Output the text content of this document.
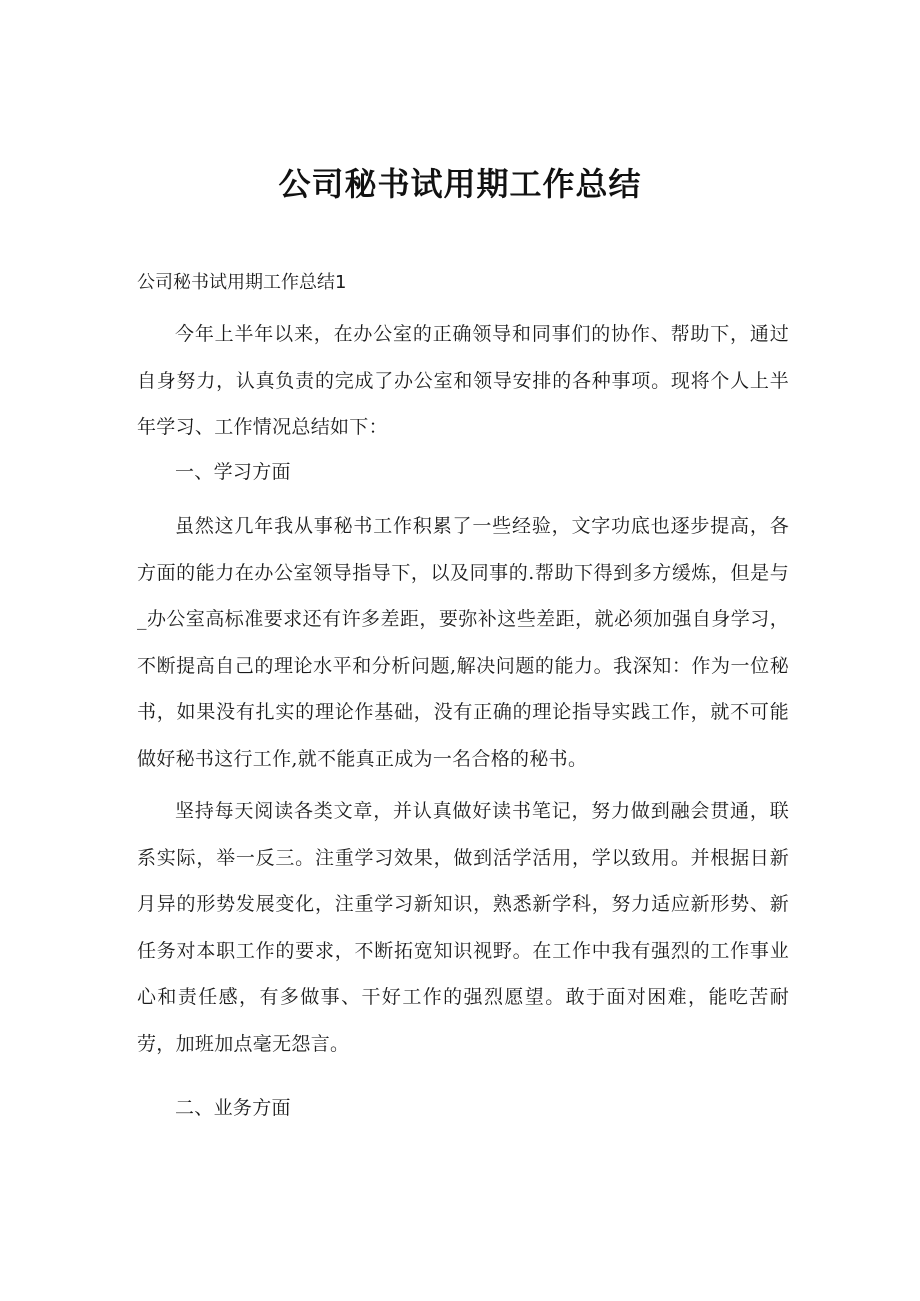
公司秘书试用期工作总结
公司秘书试用期工作总结1

今年上半年以来，在办公室的正确领导和同事们的协作、帮助下，通过自身努力，认真负责的完成了办公室和领导安排的各种事项。现将个人上半年学习、工作情况总结如下：

一、学习方面

虽然这几年我从事秘书工作积累了一些经验，文字功底也逐步提高，各方面的能力在办公室领导指导下，以及同事的.帮助下得到多方缓炼，但是与_办公室高标准要求还有许多差距，要弥补这些差距，就必须加强自身学习，不断提高自己的理论水平和分析问题,解决问题的能力。我深知：作为一位秘书，如果没有扎实的理论作基础，没有正确的理论指导实践工作，就不可能做好秘书这行工作,就不能真正成为一名合格的秘书。

坚持每天阅读各类文章，并认真做好读书笔记，努力做到融会贯通，联系实际，举一反三。注重学习效果，做到活学活用，学以致用。并根据日新月异的形势发展变化，注重学习新知识，熟悉新学科，努力适应新形势、新任务对本职工作的要求，不断拓宽知识视野。在工作中我有强烈的工作事业心和责任感，有多做事、干好工作的强烈愿望。敢于面对困难，能吃苦耐劳，加班加点毫无怨言。

二、业务方面
